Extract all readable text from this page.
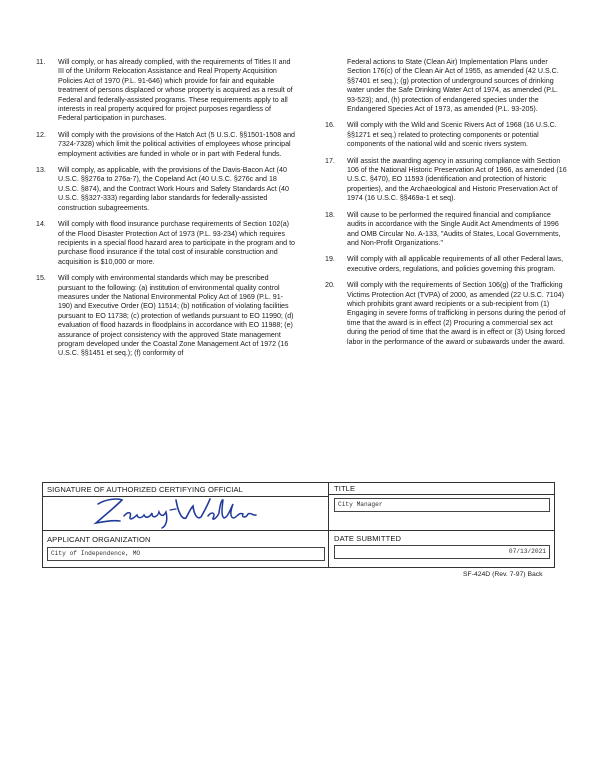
11.	Will comply, or has already complied, with the requirements of Titles II and III of the Uniform Relocation Assistance and Real Property Acquisition Policies Act of 1970 (P.L. 91-646) which provide for fair and equitable treatment of persons displaced or whose property is acquired as a result of Federal and federally-assisted programs. These requirements apply to all interests in real property acquired for project purposes regardless of Federal participation in purchases.
12.	Will comply with the provisions of the Hatch Act (5 U.S.C. §§1501-1508 and 7324-7328) which limit the political activities of employees whose principal employment activities are funded in whole or in part with Federal funds.
13.	Will comply, as applicable, with the provisions of the Davis-Bacon Act (40 U.S.C. §§276a to 276a-7), the Copeland Act (40 U.S.C. §276c and 18 U.S.C. §874), and the Contract Work Hours and Safety Standards Act (40 U.S.C. §§327-333) regarding labor standards for federally-assisted construction subagreements.
14.	Will comply with flood insurance purchase requirements of Section 102(a) of the Flood Disaster Protection Act of 1973 (P.L. 93-234) which requires recipients in a special flood hazard area to participate in the program and to purchase flood insurance if the total cost of insurable construction and acquisition is $10,000 or more.
15.	Will comply with environmental standards which may be prescribed pursuant to the following: (a) institution of environmental quality control measures under the National Environmental Policy Act of 1969 (P.L. 91-190) and Executive Order (EO) 11514; (b) notification of violating facilities pursuant to EO 11738; (c) protection of wetlands pursuant to EO 11990; (d) evaluation of flood hazards in floodplains in accordance with EO 11988; (e) assurance of project consistency with the approved State management program developed under the Coastal Zone Management Act of 1972 (16 U.S.C. §§1451 et seq.); (f) conformity of
Federal actions to State (Clean Air) Implementation Plans under Section 176(c) of the Clean Air Act of 1955, as amended (42 U.S.C. §§7401 et seq.); (g) protection of underground sources of drinking water under the Safe Drinking Water Act of 1974, as amended (P.L. 93-523); and, (h) protection of endangered species under the Endangered Species Act of 1973, as amended (P.L. 93-205).
16.	Will comply with the Wild and Scenic Rivers Act of 1968 (16 U.S.C. §§1271 et seq.) related to protecting components or potential components of the national wild and scenic rivers system.
17.	Will assist the awarding agency in assuring compliance with Section 106 of the National Historic Preservation Act of 1966, as amended (16 U.S.C. §470), EO 11593 (identification and protection of historic properties), and the Archaeological and Historic Preservation Act of 1974 (16 U.S.C. §§469a-1 et seq).
18.	Will cause to be performed the required financial and compliance audits in accordance with the Single Audit Act Amendments of 1996 and OMB Circular No. A-133, "Audits of States, Local Governments, and Non-Profit Organizations."
19.	Will comply with all applicable requirements of all other Federal laws, executive orders, regulations, and policies governing this program.
20.	Will comply with the requirements of Section 106(g) of the Trafficking Victims Protection Act (TVPA) of 2000, as amended (22 U.S.C. 7104) which prohibits grant award recipients or a sub-recipient from (1) Engaging in severe forms of trafficking in persons during the period of time that the award is in effect (2) Procuring a commercial sex act during the period of time that the award is in effect or (3) Using forced labor in the performance of the award or subawards under the award.
SIGNATURE OF AUTHORIZED CERTIFYING OFFICIAL	TITLE
City Manager
APPLICANT ORGANIZATION
City of Independence, MO
DATE SUBMITTED
07/13/2021
SF-424D (Rev. 7-97) Back
